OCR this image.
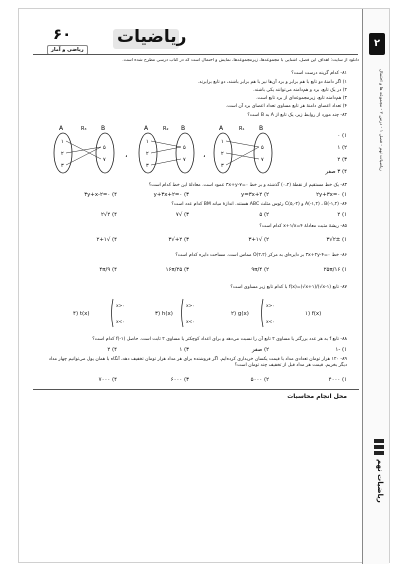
ریاضیات
۶۰
ریاضی و آمار
۲
ریاضیات نهم - فصل ۱ - درس ۲ - مجموعه ها و احتمال
ریاضیات نهم
دانلود از سایت: اهداف این فصل، آشنایی با مجموعه‌ها، زیرمجموعه‌ها، نمایش و احتمال است که در کتاب درسی مطرح شده است.
۸۱- کدام گزینه درست است؟
۱) اگر دامنهٔ دو تابع با هم برابر و برد آن‌ها نیز با هم برابر باشند، دو تابع برابرند.
۲) در یک تابع، برد و هم‌دامنه می‌توانند یکی باشند.
۳) هم‌دامنه تابع، زیرمجموعه‌ای از برد تابع است.
۴) تعداد اعضای دامنهٔ هر تابع مساوی تعداد اعضای برد آن است.
۸۲- چند مورد از روابط زیر، یک تابع از A به B است؟
A	B
R₁
۱
۲
۳
۵
۷
A	B
R₂
۱
۲
۳
۵
۷
A	B
R₃
۱
۲
۳
۵
۷
،	،
۱) ۰
۲) ۱
۳) ۲
۴) ۳ صفر
۸۳- یک خط مستقیم از نقطهٔ (۰،۲) گذشته و بر خط ۰=۷-۳x+y عمود است. معادلهٔ این خط کدام است؟
۱) ۲y+۳x=۰
۲) y=۳x+۲
۳) y+۳x+۲=۰
۴) ۳y+x-۲=۰
۸۴- A(-۱,۲) ، B(-۱,۲) و C(۵,-۲) رئوس مثلث ABC هستند. اندازهٔ میانه BM کدام عدد است؟
۱) ۲
۲) ۵
۳) √۷
۴) ۲√۲
۸۵- ریشهٔ مثبت معادلهٔ x+۱/x=۴ کدام است؟
۱) ۲±√۳
۲) √۳+۱
۳) ۲+√۳
۴) √۲+۱
۸۶- خط ۰=۴-۳x+۲y بر دایره‌ای به مرکز O(۲،۲) مماس است. مساحت دایره کدام است؟
۱) ۲۵π/۱۶
۲) ۹π/۴
۳) ۱۶π/۲۵
۴) ۴π/۹
۸۷- تابع f(x)=(√x+۱)/(√x-۱) با کدام تابع زیر مساوی است؟
۱) f(x)
۲) g(x)
۳) h(x)
۴) t(x)
x>۰
x<۰
x>۰
x<۰
x>۰
x<۰
۸۸- تابع f به هر عدد بزرگتر یا مساوی ۲ تابع آن را نسبت می‌دهد و برای اعداد کوچکتر یا مساوی ۲ ثابت است. حاصل f(-۱) کدام است؟
۱) -۱
۲) صفر
۳) ۱
۴) ۲
۸۹- ۱۲۰ هزار تومان تعدادی مداد با قیمت یکسان خریداری کرده‌ایم. اگر فروشنده برای هر مداد هزار تومان تخفیف دهد، آنگاه با همان پول می‌توانیم چهار مداد دیگر بخریم. قیمت هر مداد قبل از تخفیف چند تومان است؟
۱) ۴۰۰۰
۲) ۵۰۰۰
۳) ۶۰۰۰
۴) ۷۰۰۰
محل انجام محاسبات
